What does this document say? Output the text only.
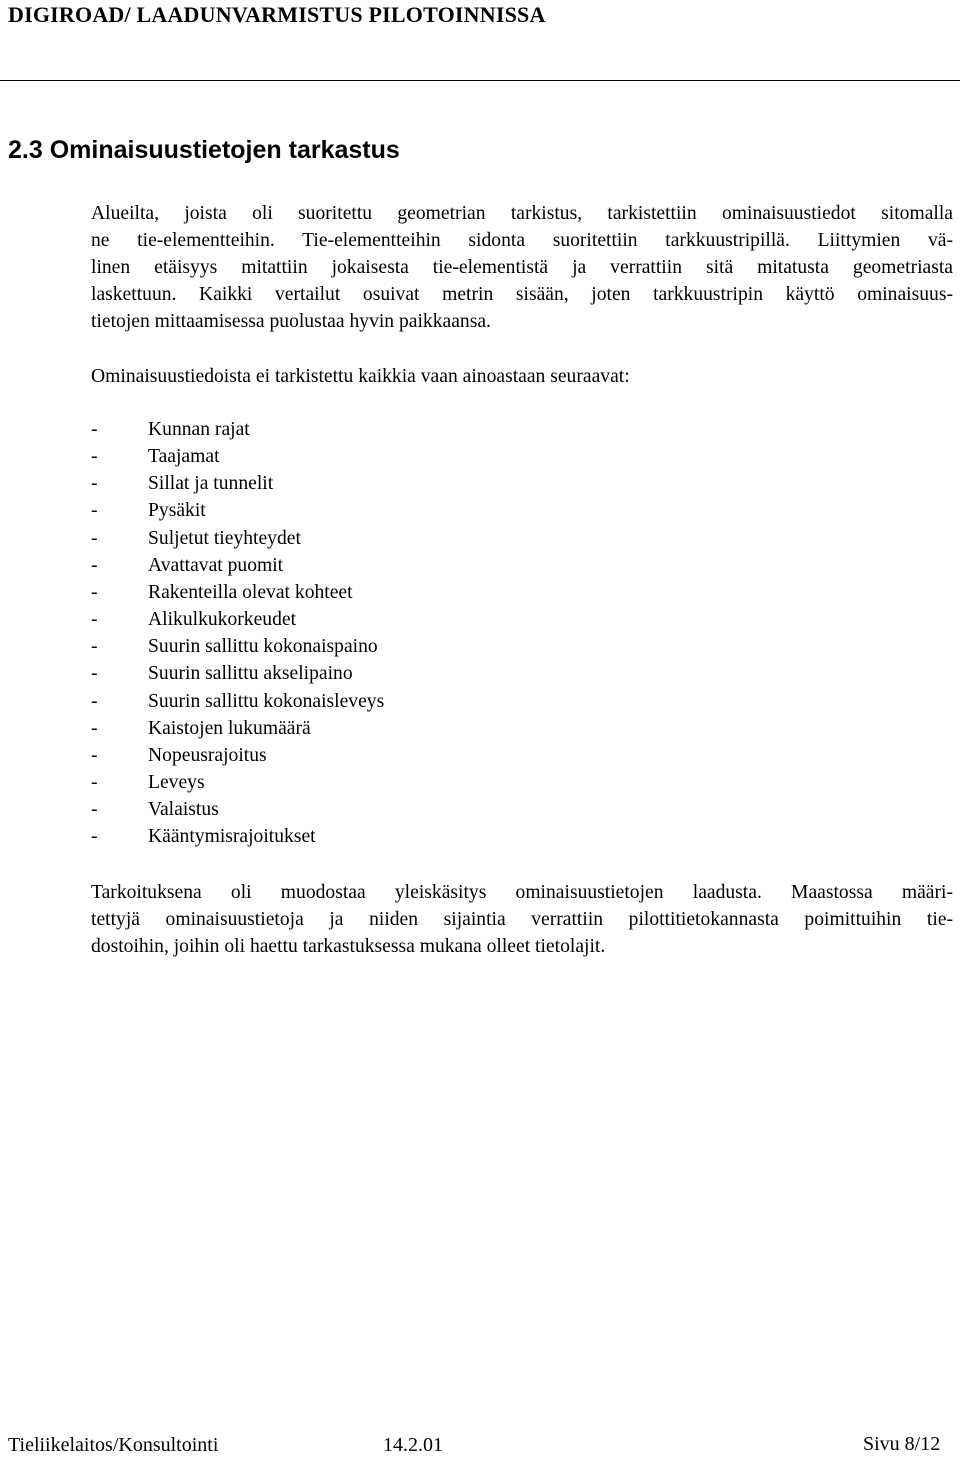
DIGIROAD/ LAADUNVARMISTUS PILOTOINNISSA
2.3 Ominaisuustietojen tarkastus
Alueilta, joista oli suoritettu geometrian tarkistus, tarkistettiin ominaisuustiedot sitomalla
ne tie-elementteihin. Tie-elementteihin sidonta suoritettiin tarkkuustripillä. Liittymien vä-
linen etäisyys mitattiin jokaisesta tie-elementistä ja verrattiin sitä mitatusta geometriasta
laskettuun. Kaikki vertailut osuivat metrin sisään, joten tarkkuustripin käyttö ominaisuus-
tietojen mittaamisessa puolustaa hyvin paikkaansa.
Ominaisuustiedoista ei tarkistettu kaikkia vaan ainoastaan seuraavat:
-	Kunnan rajat
-	Taajamat
-	Sillat ja tunnelit
-	Pysäkit
-	Suljetut tieyhteydet
-	Avattavat puomit
-	Rakenteilla olevat kohteet
-	Alikulkukorkeudet
-	Suurin sallittu kokonaispaino
-	Suurin sallittu akselipaino
-	Suurin sallittu kokonaisleveys
-	Kaistojen lukumäärä
-	Nopeusrajoitus
-	Leveys
-	Valaistus
-	Kääntymisrajoitukset
Tarkoituksena oli muodostaa yleiskäsitys ominaisuustietojen laadusta. Maastossa määri-
tettyjä ominaisuustietoja ja niiden sijaintia verrattiin pilottitietokannasta poimittuihin tie-
dostoihin, joihin oli haettu tarkastuksessa mukana olleet tietolajit.
Tieliikelaitos/Konsultointi	14.2.01	Sivu 8/12
